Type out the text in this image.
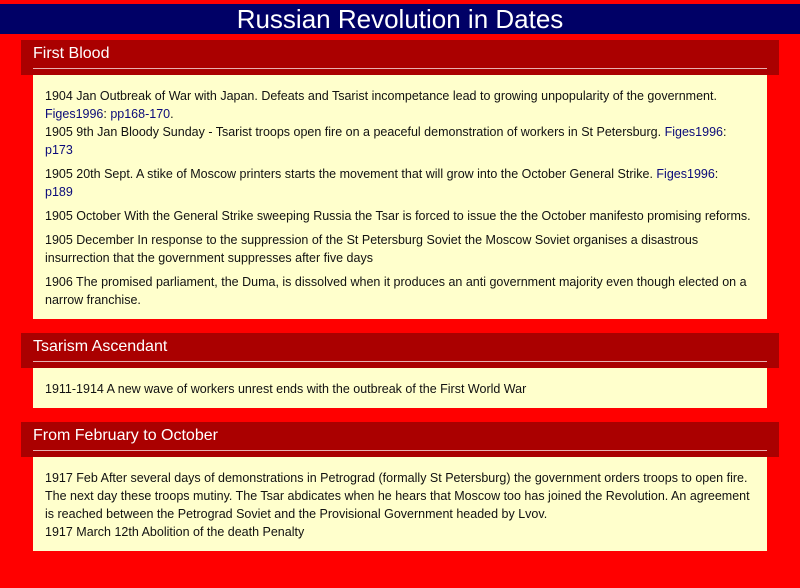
Russian Revolution in Dates
First Blood

1904 Jan Outbreak of War with Japan. Defeats and Tsarist incompetance lead to growing unpopularity of the government.
Figes1996: pp168-170.

1905 9th Jan Bloody Sunday - Tsarist troops open fire on a peaceful demonstration of workers in St Petersburg. Figes1996:
p173

1905 20th Sept. A stike of Moscow printers starts the movement that will grow into the October General Strike. Figes1996:
p189

1905 October With the General Strike sweeping Russia the Tsar is forced to issue the the October manifesto promising reforms.

1905 December In response to the suppression of the St Petersburg Soviet the Moscow Soviet organises a disastrous insurrection that the government suppresses after five days

1906 The promised parliament, the Duma, is dissolved when it produces an anti government majority even though elected on a narrow franchise.

Tsarism Ascendant

1911-1914 A new wave of workers unrest ends with the outbreak of the First World War

From February to October

1917 Feb After several days of demonstrations in Petrograd (formally St Petersburg) the government orders troops to open fire. The next day these troops mutiny. The Tsar abdicates when he hears that Moscow too has joined the Revolution. An agreement is reached between the Petrograd Soviet and the Provisional Government headed by Lvov.

1917 March 12th Abolition of the death Penalty
